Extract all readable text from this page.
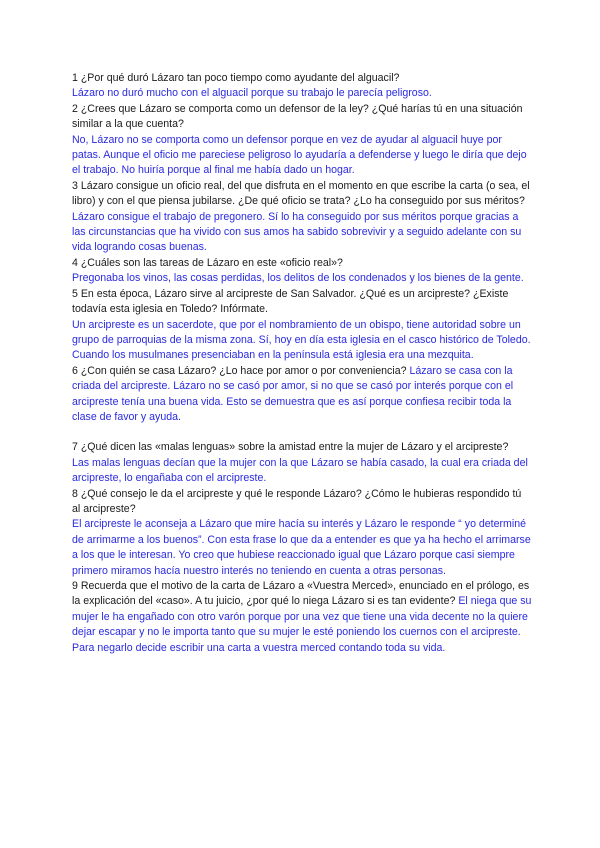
1 ¿Por qué duró Lázaro tan poco tiempo como ayudante del alguacil?

Lázaro no duró mucho con el alguacil porque su trabajo le parecía peligroso.

2 ¿Crees que Lázaro se comporta como un defensor de la ley? ¿Qué harías tú en una situación similar a la que cuenta?

No, Lázaro no se comporta como un defensor porque en vez de ayudar al alguacil huye por patas. Aunque el oficio me pareciese peligroso lo ayudaría a defenderse y luego le diría que dejo el trabajo. No huiría porque al final me había dado un hogar.

3 Lázaro consigue un oficio real, del que disfruta en el momento en que escribe la carta (o sea, el libro) y con el que piensa jubilarse. ¿De qué oficio se trata? ¿Lo ha conseguido por sus méritos?

Lázaro consigue el trabajo de pregonero. Sí lo ha conseguido por sus méritos porque gracias a las circunstancias que ha vivido con sus amos ha sabido sobrevivir y a seguido adelante con su vida logrando cosas buenas.

4 ¿Cuáles son las tareas de Lázaro en este «oficio real»?

Pregonaba los vinos, las cosas perdidas, los delitos de los condenados y los bienes de la gente.

5 En esta época, Lázaro sirve al arcipreste de San Salvador. ¿Qué es un arcipreste? ¿Existe todavía esta iglesia en Toledo? Infórmate.

Un arcipreste es un sacerdote, que por el nombramiento de un obispo, tiene autoridad sobre un grupo de parroquias de la misma zona. Sí, hoy en día esta iglesia en el casco histórico de Toledo. Cuando los musulmanes presenciaban en la península está iglesia era una mezquita.

6 ¿Con quién se casa Lázaro? ¿Lo hace por amor o por conveniencia? Lázaro se casa con la criada del arcipreste. Lázaro no se casó por amor, si no que se casó por interés porque con el arcipreste tenía una buena vida. Esto se demuestra que es así porque confiesa recibir toda la clase de favor y ayuda.

7 ¿Qué dicen las «malas lenguas» sobre la amistad entre la mujer de Lázaro y el arcipreste?

Las malas lenguas decían que la mujer con la que Lázaro se había casado, la cual era criada del arcipreste, lo engañaba con el arcipreste.

8 ¿Qué consejo le da el arcipreste y qué le responde Lázaro? ¿Cómo le hubieras respondido tú al arcipreste?

El arcipreste le aconseja a Lázaro que mire hacía su interés y Lázaro le responde “ yo determiné de arrimarme a los buenos”. Con esta frase lo que da a entender es que ya ha hecho el arrimarse a los que le interesan. Yo creo que hubiese reaccionado igual que Lázaro porque casi siempre primero miramos hacía nuestro interés no teniendo en cuenta a otras personas.

9 Recuerda que el motivo de la carta de Lázaro a «Vuestra Merced», enunciado en el prólogo, es la explicación del «caso». A tu juicio, ¿por qué lo niega Lázaro si es tan evidente? El niega que su mujer le ha engañado con otro varón porque por una vez que tiene una vida decente no la quiere dejar escapar y no le importa tanto que su mujer le esté poniendo los cuernos con el arcipreste. Para negarlo decide escribir una carta a vuestra merced contando toda su vida.
